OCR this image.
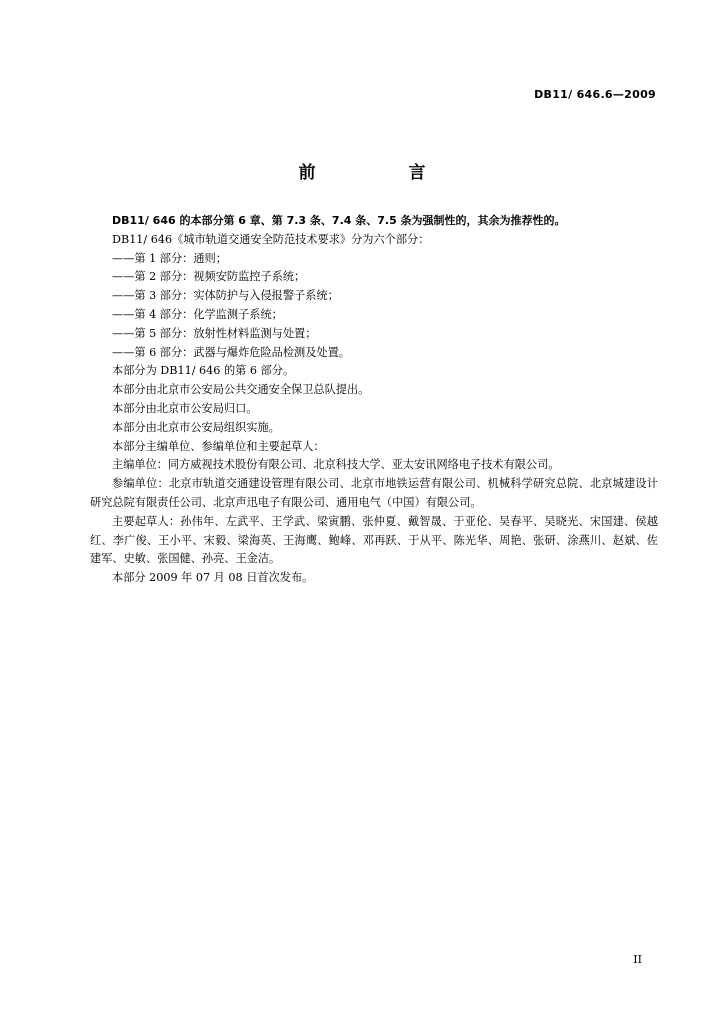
DB11/ 646.6—2009
前　言

DB11/ 646 的本部分第 6 章、第 7.3 条、7.4 条、7.5 条为强制性的，其余为推荐性的。

DB11/ 646《城市轨道交通安全防范技术要求》分为六个部分：

——第 1 部分：通则；

——第 2 部分：视频安防监控子系统；

——第 3 部分：实体防护与入侵报警子系统；

——第 4 部分：化学监测子系统；

——第 5 部分：放射性材料监测与处置；

——第 6 部分：武器与爆炸危险品检测及处置。

本部分为 DB11/ 646 的第 6 部分。

本部分由北京市公安局公共交通安全保卫总队提出。

本部分由北京市公安局归口。

本部分由北京市公安局组织实施。

本部分主编单位、参编单位和主要起草人：

主编单位：同方威视技术股份有限公司、北京科技大学、亚太安讯网络电子技术有限公司。

参编单位：北京市轨道交通建设管理有限公司、北京市地铁运营有限公司、机械科学研究总院、北京城建设计研究总院有限责任公司、北京声迅电子有限公司、通用电气（中国）有限公司。

主要起草人：孙伟年、左武平、王学武、梁寅鹏、张仲夏、戴智晟、于亚伦、吴春平、吴晓光、宋国建、侯越红、李广俊、王小平、宋毅、梁海英、王海鹰、鲍峰、邓再跃、于从平、陈光华、周艳、张研、涂燕川、赵斌、佐建军、史敏、张国健、孙亮、王金洁。

本部分 2009 年 07 月 08 日首次发布。

II
